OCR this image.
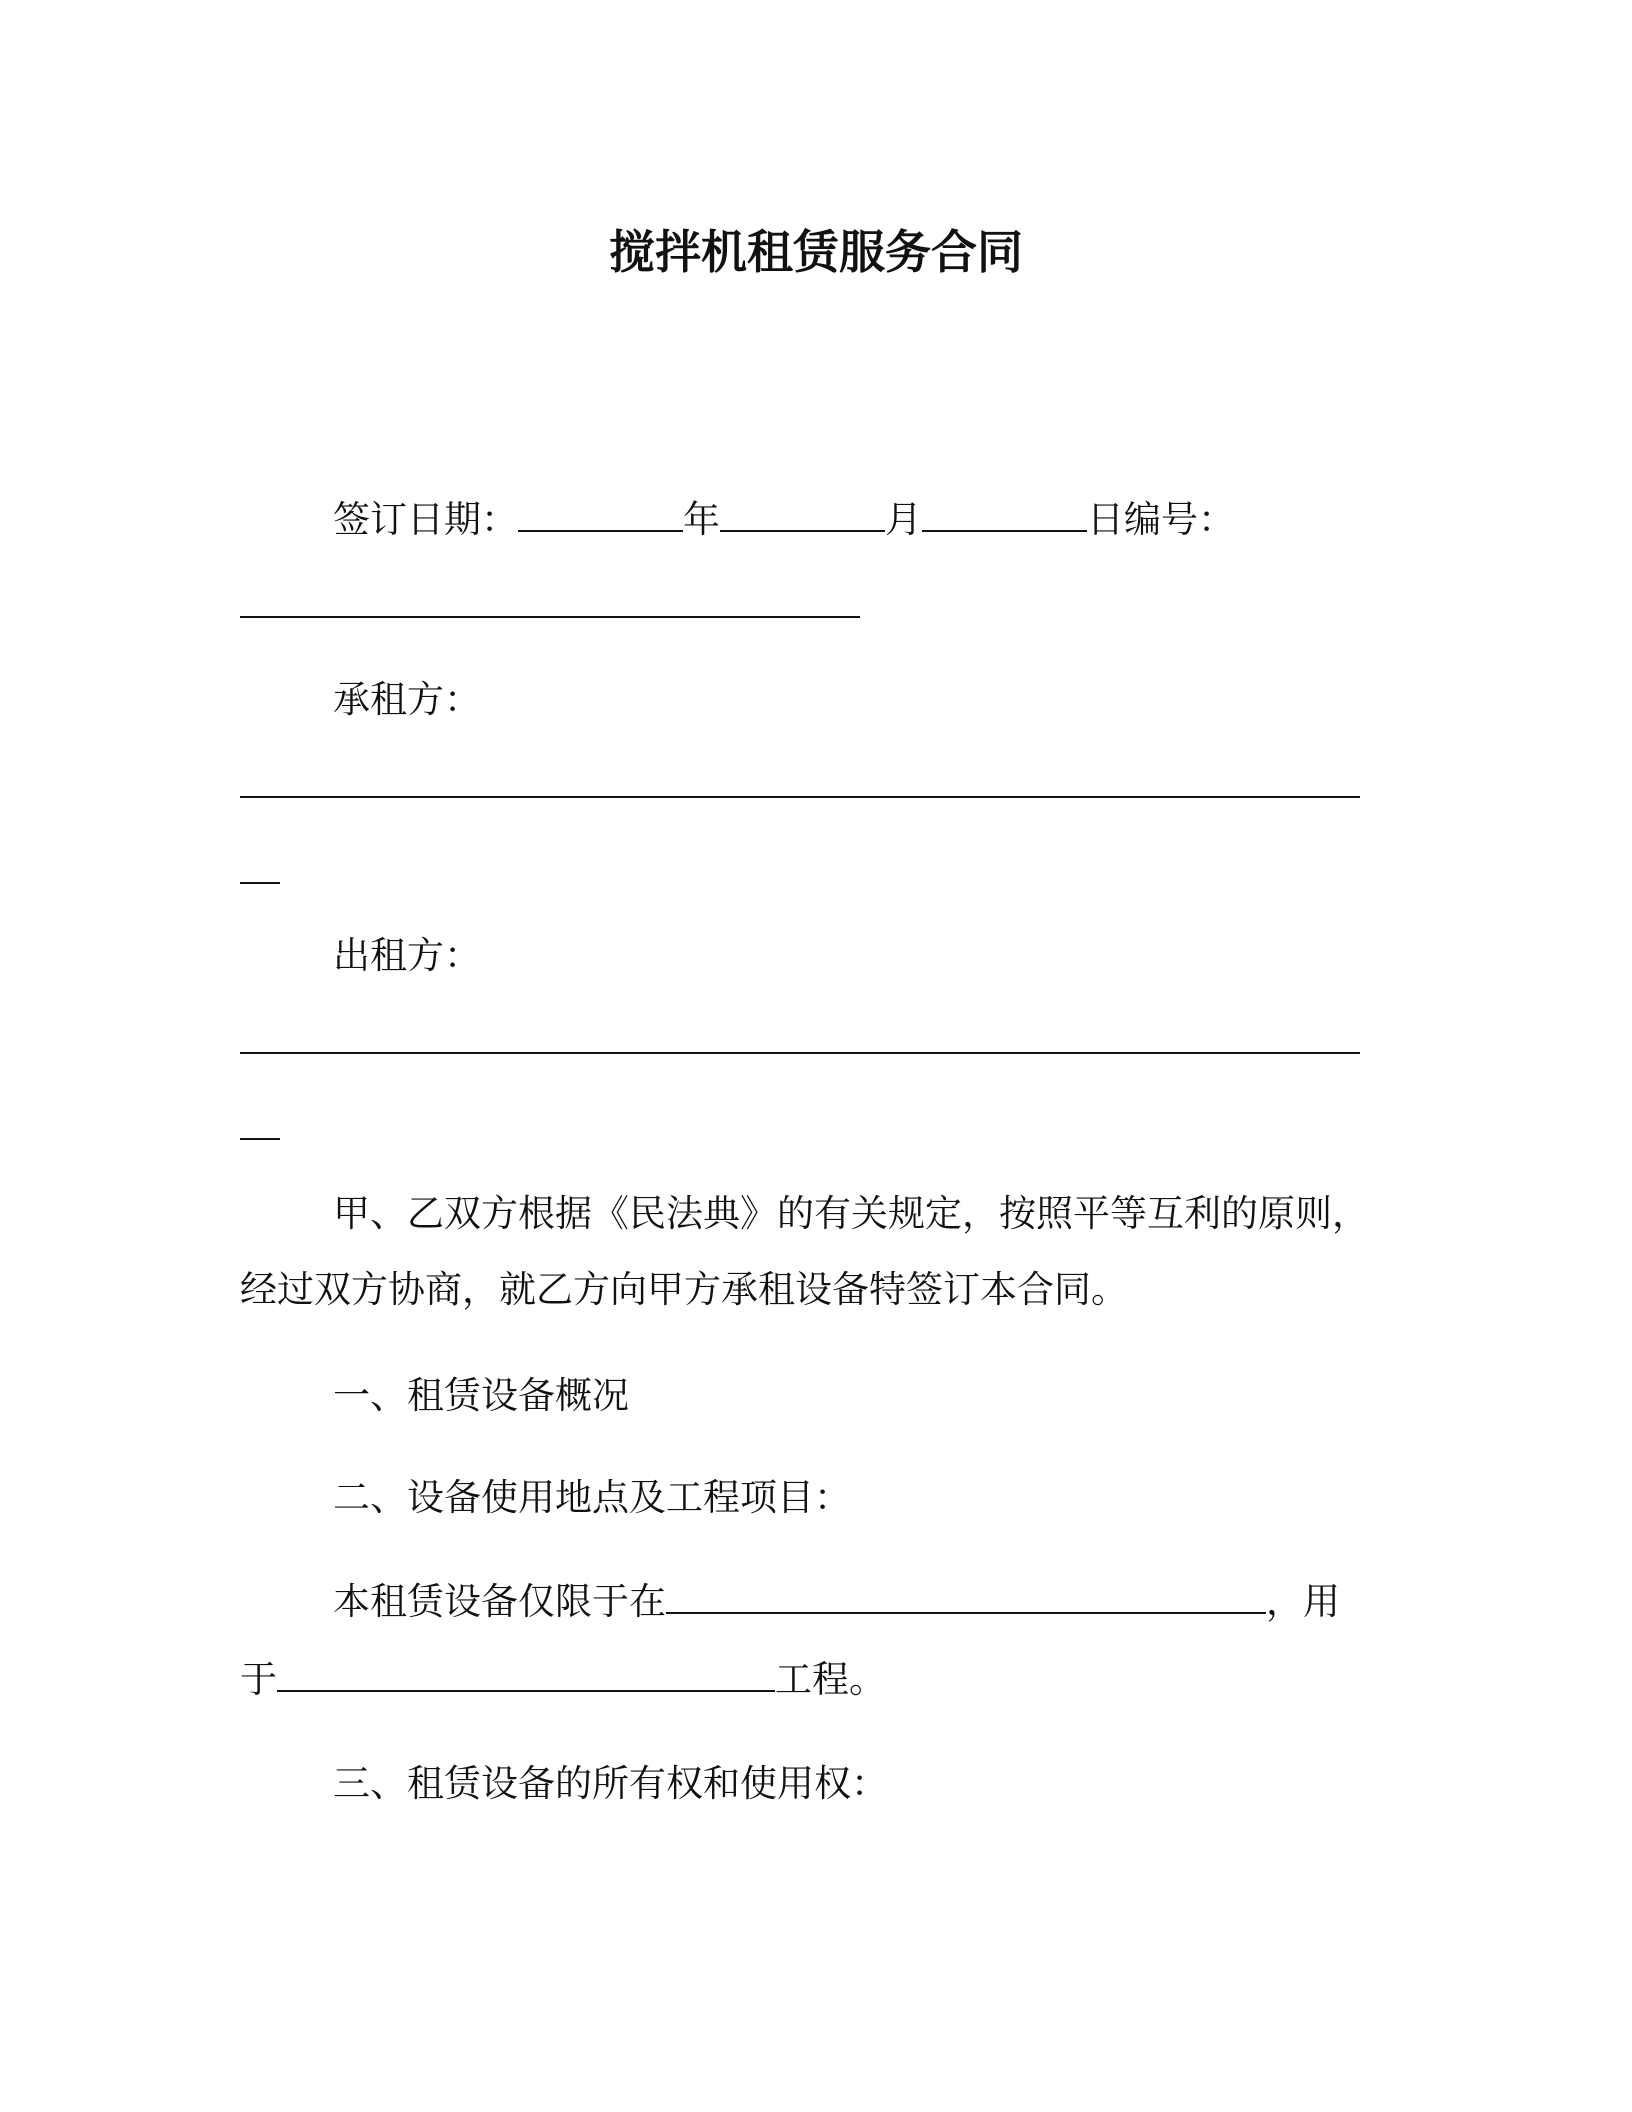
搅拌机租赁服务合同
签订日期：	年	月	日编号：
承租方：
出租方：
甲、乙双方根据《民法典》的有关规定，按照平等互利的原则，
经过双方协商，就乙方向甲方承租设备特签订本合同。
一、租赁设备概况
二、设备使用地点及工程项目：
本租赁设备仅限于在	，用
于	工程。
三、租赁设备的所有权和使用权：
